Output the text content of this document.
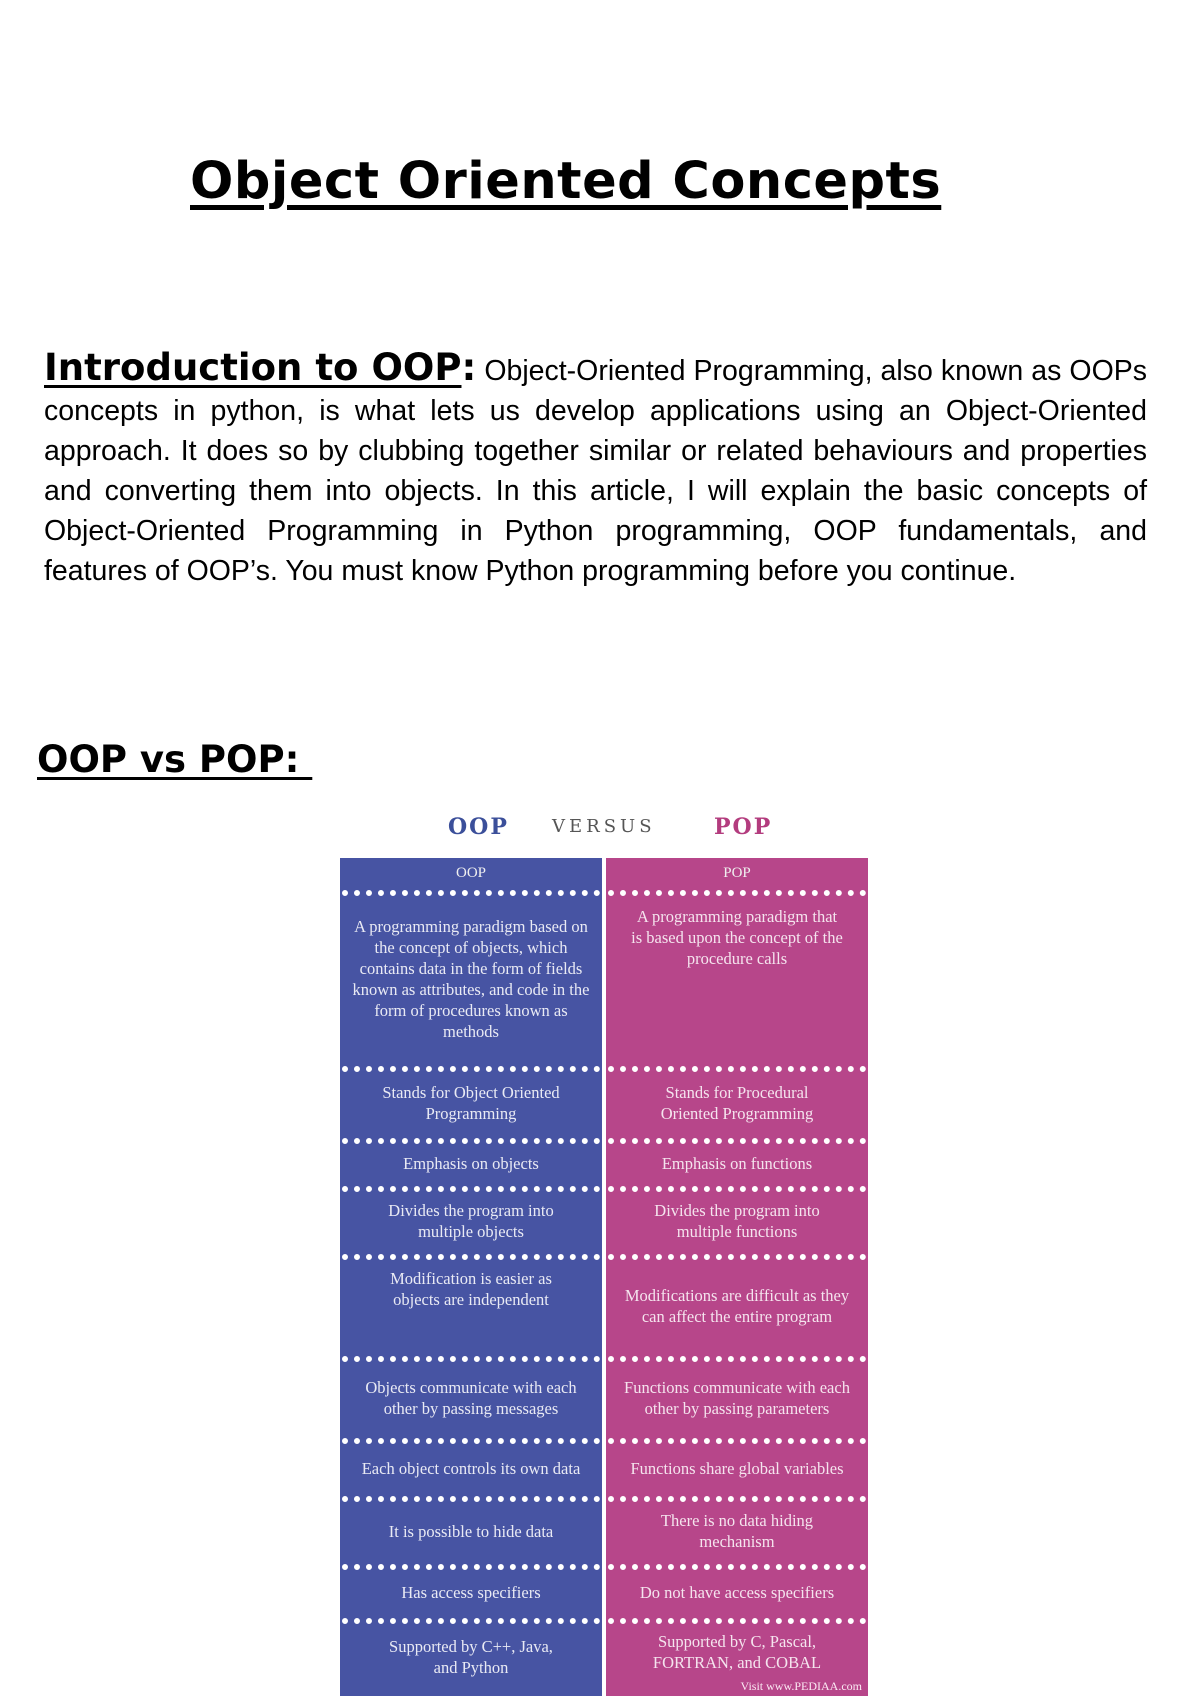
Object Oriented Concepts

Introduction to OOP: Object-Oriented Programming, also known as OOPs concepts in python, is what lets us develop applications using an Object-Oriented approach. It does so by clubbing together similar or related behaviours and properties and converting them into objects. In this article, I will explain the basic concepts of Object-Oriented Programming in Python programming, OOP fundamentals, and features of OOP’s. You must know Python programming before you continue.

OOP vs POP:
OOP VERSUS	POP
OOP
A programming paradigm based on the concept of objects, which contains data in the form of fields known as attributes, and code in the form of procedures known as methods
Stands for Object Oriented Programming
Emphasis on objects
Divides the program into multiple objects
Modification is easier as objects are independent
Objects communicate with each other by passing messages
Each object controls its own data
It is possible to hide data
Has access specifiers
Supported by C++, Java, and Python
POP
A programming paradigm that is based upon the concept of the procedure calls
Stands for Procedural Oriented Programming
Emphasis on functions
Divides the program into multiple functions
Modifications are difficult as they can affect the entire program
Functions communicate with each other by passing parameters
Functions share global variables
There is no data hiding mechanism
Do not have access specifiers
Supported by C, Pascal, FORTRAN, and COBAL
Visit www.PEDIAA.com
